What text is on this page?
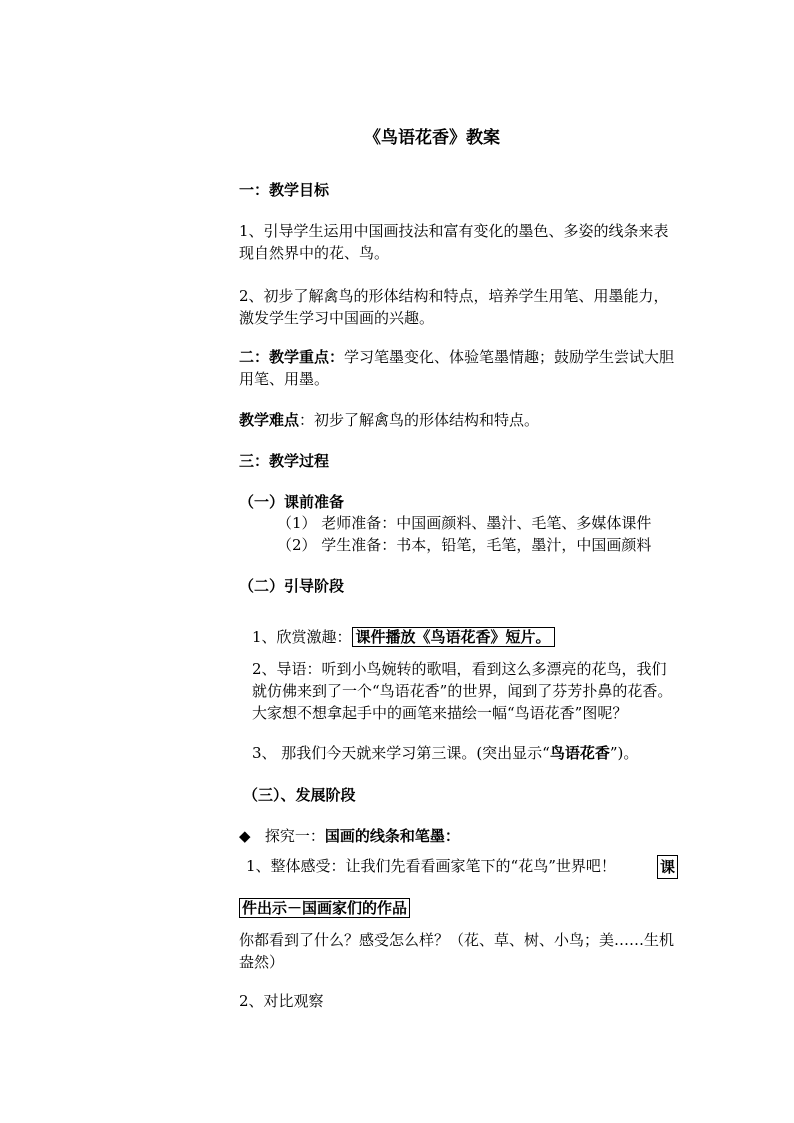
《鸟语花香》教案

一：教学目标

1、引导学生运用中国画技法和富有变化的墨色、多姿的线条来表现自然界中的花、鸟。

2、初步了解禽鸟的形体结构和特点，培养学生用笔、用墨能力，激发学生学习中国画的兴趣。

二：教学重点：学习笔墨变化、体验笔墨情趣；鼓励学生尝试大胆用笔、用墨。

教学难点：初步了解禽鸟的形体结构和特点。

三：教学过程

（一）课前准备

（1） 老师准备：中国画颜料、墨汁、毛笔、多媒体课件

（2） 学生准备：书本，铅笔，毛笔，墨汁，中国画颜料

（二）引导阶段

1、欣赏激趣： 课件播放《鸟语花香》短片。

2、导语：听到小鸟婉转的歌唱，看到这么多漂亮的花鸟，我们就仿佛来到了一个“鸟语花香”的世界，闻到了芬芳扑鼻的花香。大家想不想拿起手中的画笔来描绘一幅“鸟语花香”图呢？

3、 那我们今天就来学习第三课。(突出显示“鸟语花香”)。

（三）、发展阶段

◆ 探究一：国画的线条和笔墨：

1、整体感受：让我们先看看画家笔下的“花鸟”世界吧！	课

件出示－国画家们的作品

你都看到了什么？感受怎么样？（花、草、树、小鸟；美……生机盎然）

2、对比观察
